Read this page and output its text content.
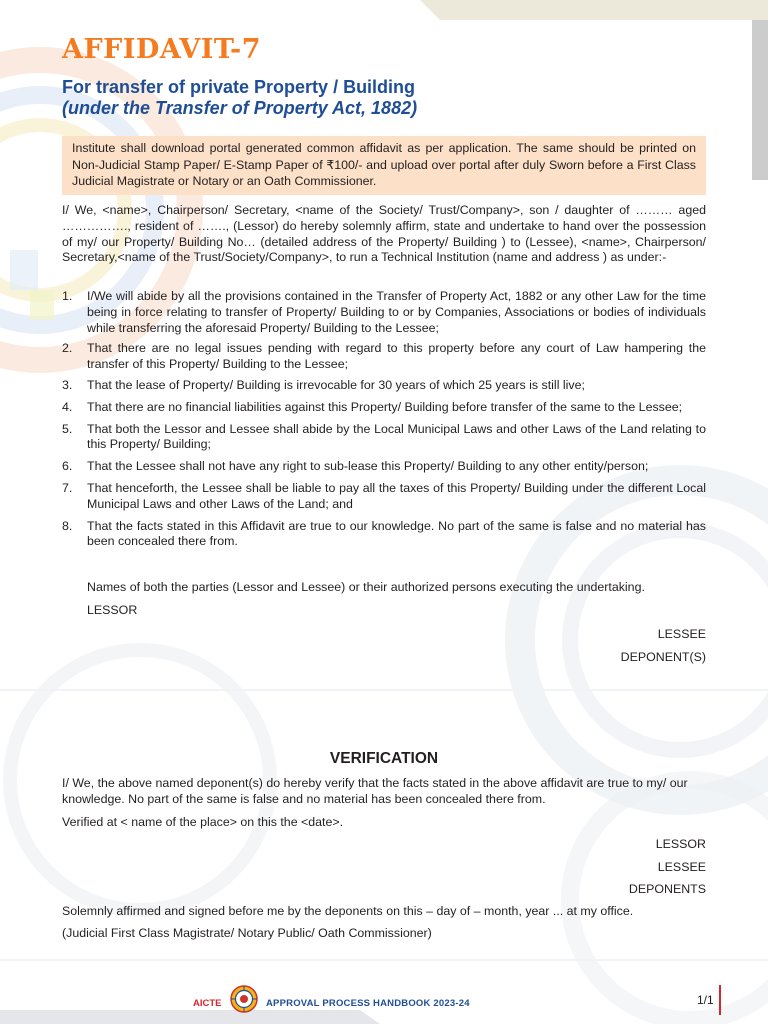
AFFIDAVIT-7
For transfer of private Property / Building
(under the Transfer of Property Act, 1882)
Institute shall download portal generated common affidavit as per application. The same should be printed on Non-Judicial Stamp Paper/ E-Stamp Paper of ₹100/- and upload over portal after duly Sworn before a First Class Judicial Magistrate or Notary or an Oath Commissioner.

I/ We, <name>, Chairperson/ Secretary, <name of the Society/ Trust/Company>, son / daughter of ……… aged ……………., resident of ……., (Lessor) do hereby solemnly affirm, state and undertake to hand over the possession of my/ our Property/ Building No… (detailed address of the Property/ Building ) to (Lessee), <name>, Chairperson/ Secretary,<name of the Trust/Society/Company>, to run a Technical Institution (name and address ) as under:-

1. I/We will abide by all the provisions contained in the Transfer of Property Act, 1882 or any other Law for the time being in force relating to transfer of Property/ Building to or by Companies, Associations or bodies of individuals while transferring the aforesaid Property/ Building to the Lessee;
2. That there are no legal issues pending with regard to this property before any court of Law hampering the transfer of this Property/ Building to the Lessee;
3. That the lease of Property/ Building is irrevocable for 30 years of which 25 years is still live;
4. That there are no financial liabilities against this Property/ Building before transfer of the same to the Lessee;
5. That both the Lessor and Lessee shall abide by the Local Municipal Laws and other Laws of the Land relating to this Property/ Building;
6. That the Lessee shall not have any right to sub-lease this Property/ Building to any other entity/person;
7. That henceforth, the Lessee shall be liable to pay all the taxes of this Property/ Building under the different Local Municipal Laws and other Laws of the Land; and
8. That the facts stated in this Affidavit are true to our knowledge. No part of the same is false and no material has been concealed there from.
Names of both the parties (Lessor and Lessee) or their authorized persons executing the undertaking.
LESSOR
LESSEE
DEPONENT(S)
VERIFICATION
I/ We, the above named deponent(s) do hereby verify that the facts stated in the above affidavit are true to my/ our knowledge. No part of the same is false and no material has been concealed there from.
Verified at < name of the place> on this the <date>.
LESSOR
LESSEE
DEPONENTS
Solemnly affirmed and signed before me by the deponents on this – day of – month, year ... at my office.
(Judicial First Class Magistrate/ Notary Public/ Oath Commissioner)
AICTE	APPROVAL PROCESS HANDBOOK 2023-24	1/1
